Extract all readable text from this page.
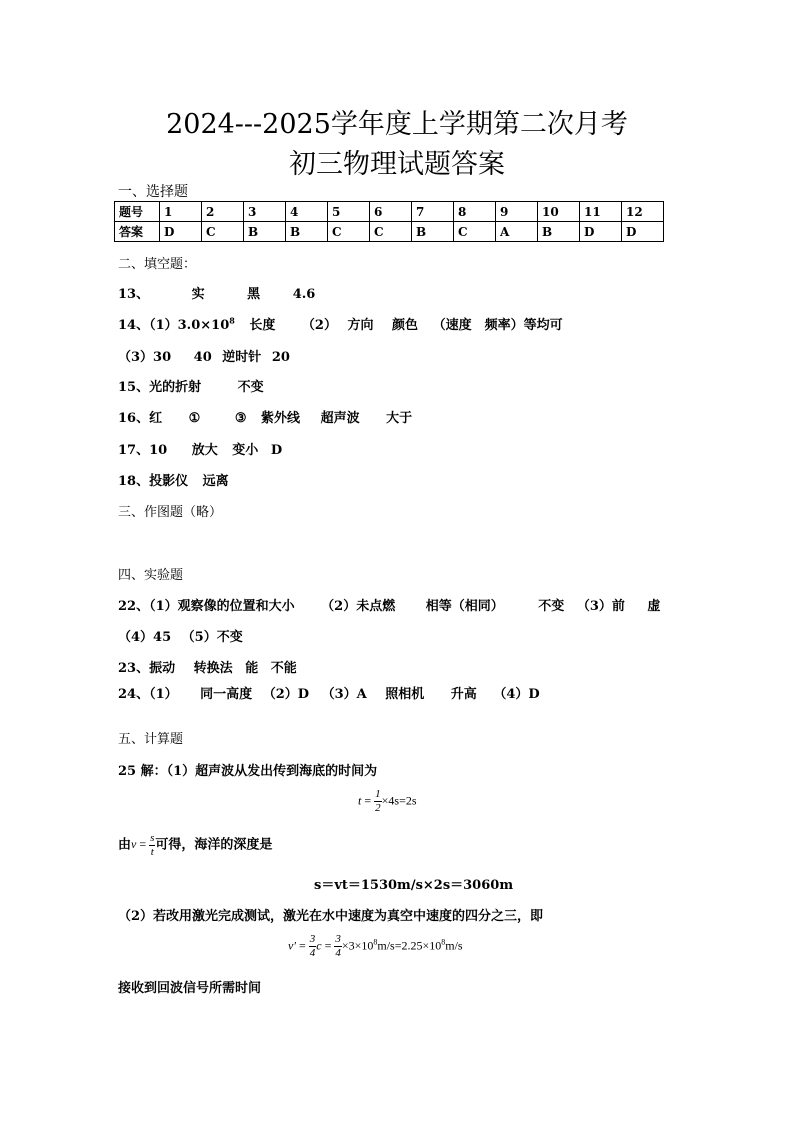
2024---2025学年度上学期第二次月考
初三物理试题答案
一、选择题
题号	1	2	3	4	5	6	7	8	9	10	11	12
答案	D	C	B	B	C	C	B	C	A	B	D	D
二、填空题：
13、	实	黑	4.6
14、$(1)3.0\times 10^8$ 长度 （2） 方向 颜色 （速度　频率）等均可
（3）30 40 逆时针 20
15、光的折射	不变
16、红 ①	③ 紫外线 超声波 大于
17、10 放大 变小 D
18、投影仪 远离
三、作图题（略）
四、实验题
22、（1）观察像的位置和大小 （2）未点燃 相等（相同）	不变 （3）前 虚
（4）45 （5）不变
23、振动 转换法 能 不能
24、（1） 同一高度 （2）D （3）A 照相机 升高 （4）D
五、计算题
25 解：（1）超声波从发出传到海底的时间为
$t = \frac{1}{2} \times 4s=2s$
由$v = \frac{s}{t}$ 可得，海洋的深度是
s＝vt＝1530m/s×2s＝3060m
（2）若改用激光完成测试，激光在水中速度为真空中速度的四分之三，即
$v' = \frac{3}{4}$ $c = \frac{3}{4} \times 3\times 10^8m/s=2.25\times 10^8m/s$
接收到回波信号所需时间
